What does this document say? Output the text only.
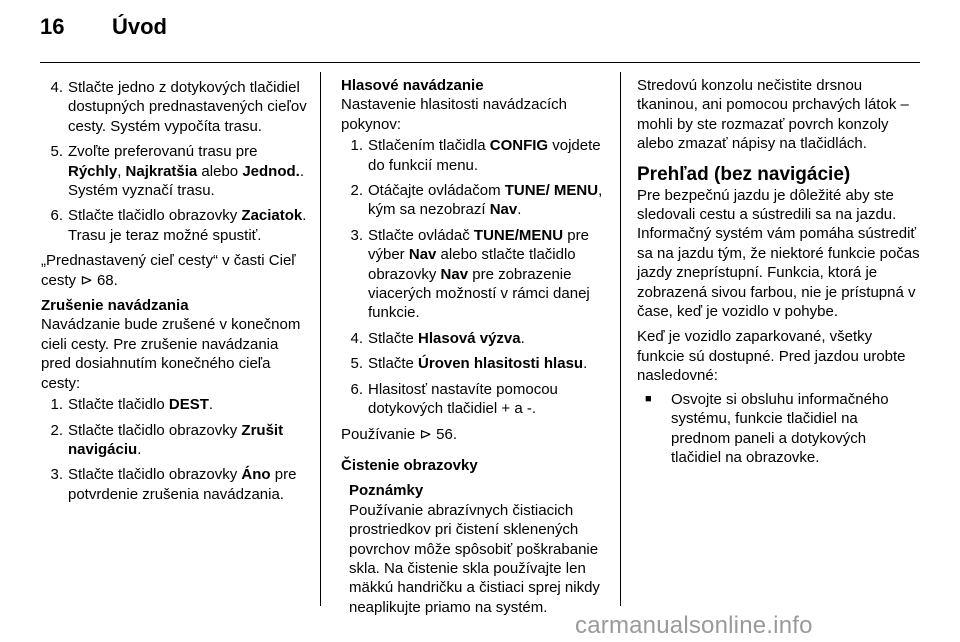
16	Úvod
4. Stlačte jedno z dotykových tlačidiel dostupných prednastavených cieľov cesty. Systém vypočíta trasu.
5. Zvoľte preferovanú trasu pre Rýchly, Najkratšia alebo Jednod.. Systém vyznačí trasu.
6. Stlačte tlačidlo obrazovky Zaciatok. Trasu je teraz možné spustiť.

„Prednastavený cieľ cesty“ v časti Cieľ cesty ⊳ 68.

Zrušenie navádzania

Navádzanie bude zrušené v konečnom cieli cesty. Pre zrušenie navádzania pred dosiahnutím konečného cieľa cesty:

1. Stlačte tlačidlo DEST.
2. Stlačte tlačidlo obrazovky Zrušit navigáciu.
3. Stlačte tlačidlo obrazovky Áno pre potvrdenie zrušenia navádzania.

Hlasové navádzanie

Nastavenie hlasitosti navádzacích pokynov:

1. Stlačením tlačidla CONFIG vojdete do funkcií menu.
2. Otáčajte ovládačom TUNE/ MENU, kým sa nezobrazí Nav.
3. Stlačte ovládač TUNE/MENU pre výber Nav alebo stlačte tlačidlo obrazovky Nav pre zobrazenie viacerých možností v rámci danej funkcie.
4. Stlačte Hlasová výzva.
5. Stlačte Úroven hlasitosti hlasu.
6. Hlasitosť nastavíte pomocou dotykových tlačidiel + a -.

Používanie ⊳ 56.

Čistenie obrazovky

Poznámky
Používanie abrazívnych čistiacich prostriedkov pri čistení sklenených povrchov môže spôsobiť poškrabanie skla. Na čistenie skla používajte len mäkkú handričku a čistiaci sprej nikdy neaplikujte priamo na systém.

Stredovú konzolu nečistite drsnou tkaninou, ani pomocou prchavých látok – mohli by ste rozmazať povrch konzoly alebo zmazať nápisy na tlačidlách.

Prehľad (bez navigácie)

Pre bezpečnú jazdu je dôležité aby ste sledovali cestu a sústredili sa na jazdu. Informačný systém vám pomáha sústrediť sa na jazdu tým, že niektoré funkcie počas jazdy zneprístupní. Funkcia, ktorá je zobrazená sivou farbou, nie je prístupná v čase, keď je vozidlo v pohybe.

Keď je vozidlo zaparkované, všetky funkcie sú dostupné. Pred jazdou urobte nasledovné:

■	Osvojte si obsluhu informačného systému, funkcie tlačidiel na prednom paneli a dotykových tlačidiel na obrazovke.
carmanualsonline.info
